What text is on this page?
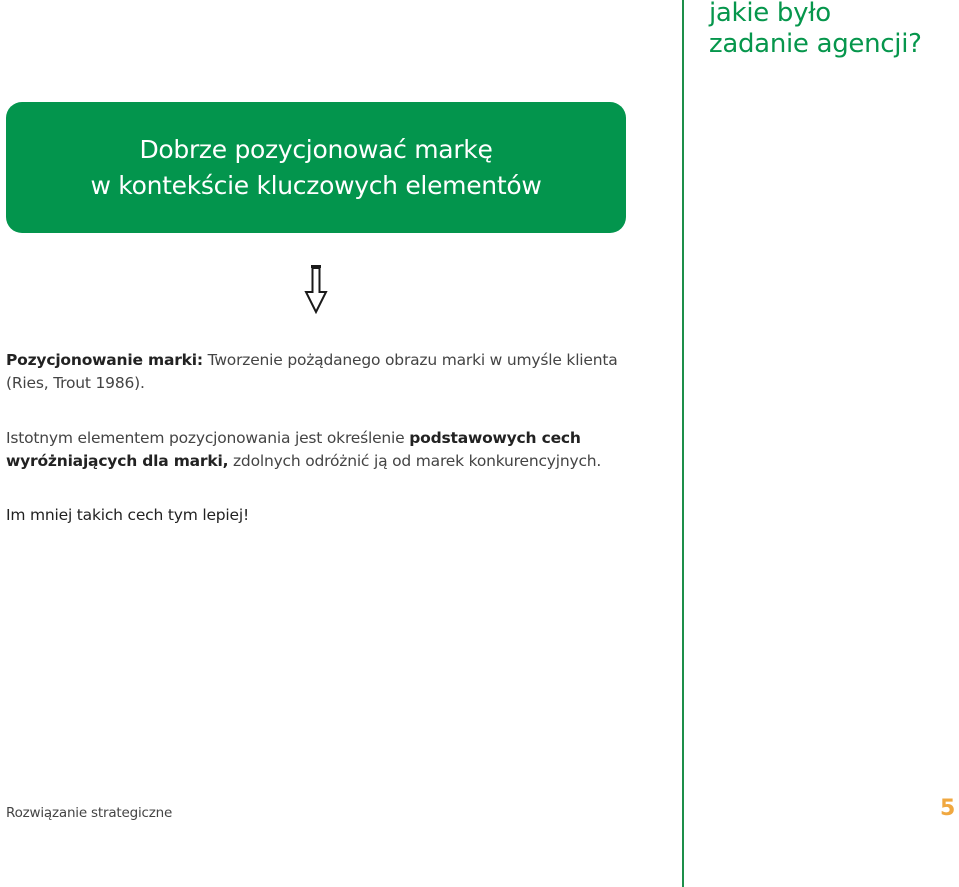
jakie było
zadanie agencji?
Dobrze pozycjonować markę
w kontekście kluczowych elementów
Pozycjonowanie marki: Tworzenie pożądanego obrazu marki w umyśle klienta (Ries, Trout 1986).
Istotnym elementem pozycjonowania jest określenie podstawowych cech wyróżniających dla marki, zdolnych odróżnić ją od marek konkurencyjnych.
Im mniej takich cech tym lepiej!
Rozwiązanie strategiczne	5
